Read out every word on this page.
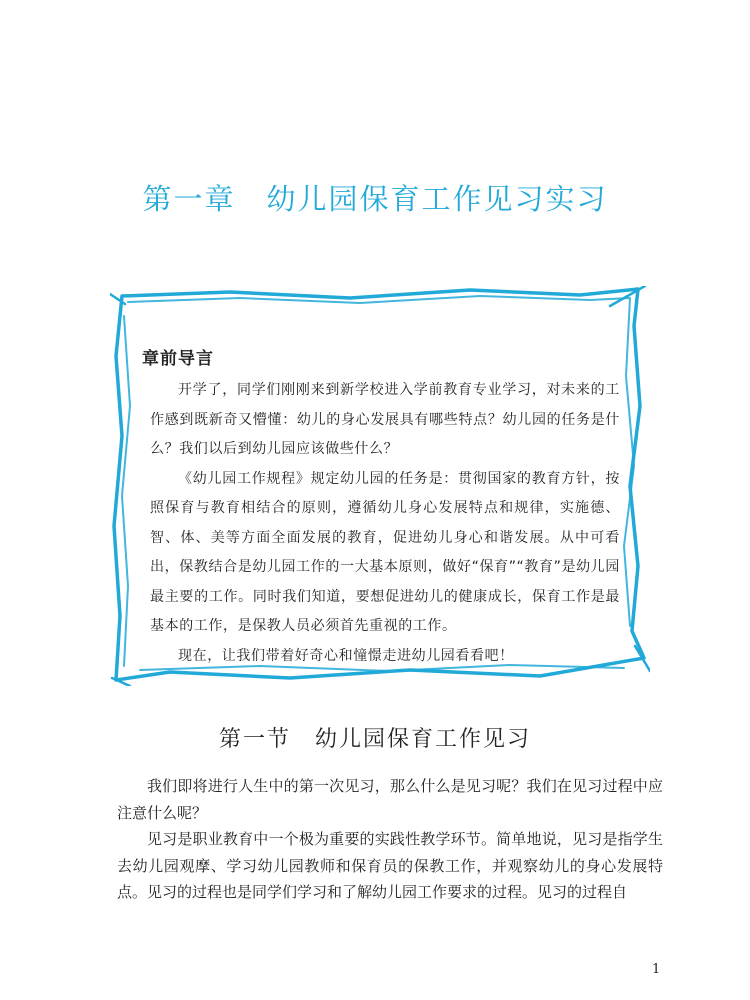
第一章　幼儿园保育工作见习实习
章前导言

开学了，同学们刚刚来到新学校进入学前教育专业学习，对未来的工作感到既新奇又懵懂：幼儿的身心发展具有哪些特点？幼儿园的任务是什么？我们以后到幼儿园应该做些什么？

《幼儿园工作规程》规定幼儿园的任务是：贯彻国家的教育方针，按照保育与教育相结合的原则，遵循幼儿身心发展特点和规律，实施德、智、体、美等方面全面发展的教育，促进幼儿身心和谐发展。从中可看出，保教结合是幼儿园工作的一大基本原则，做好“保育”“教育”是幼儿园最主要的工作。同时我们知道，要想促进幼儿的健康成长，保育工作是最基本的工作，是保教人员必须首先重视的工作。

现在，让我们带着好奇心和憧憬走进幼儿园看看吧！

第一节　幼儿园保育工作见习

我们即将进行人生中的第一次见习，那么什么是见习呢？我们在见习过程中应注意什么呢？

见习是职业教育中一个极为重要的实践性教学环节。简单地说，见习是指学生去幼儿园观摩、学习幼儿园教师和保育员的保教工作，并观察幼儿的身心发展特点。见习的过程也是同学们学习和了解幼儿园工作要求的过程。见习的过程自

1
